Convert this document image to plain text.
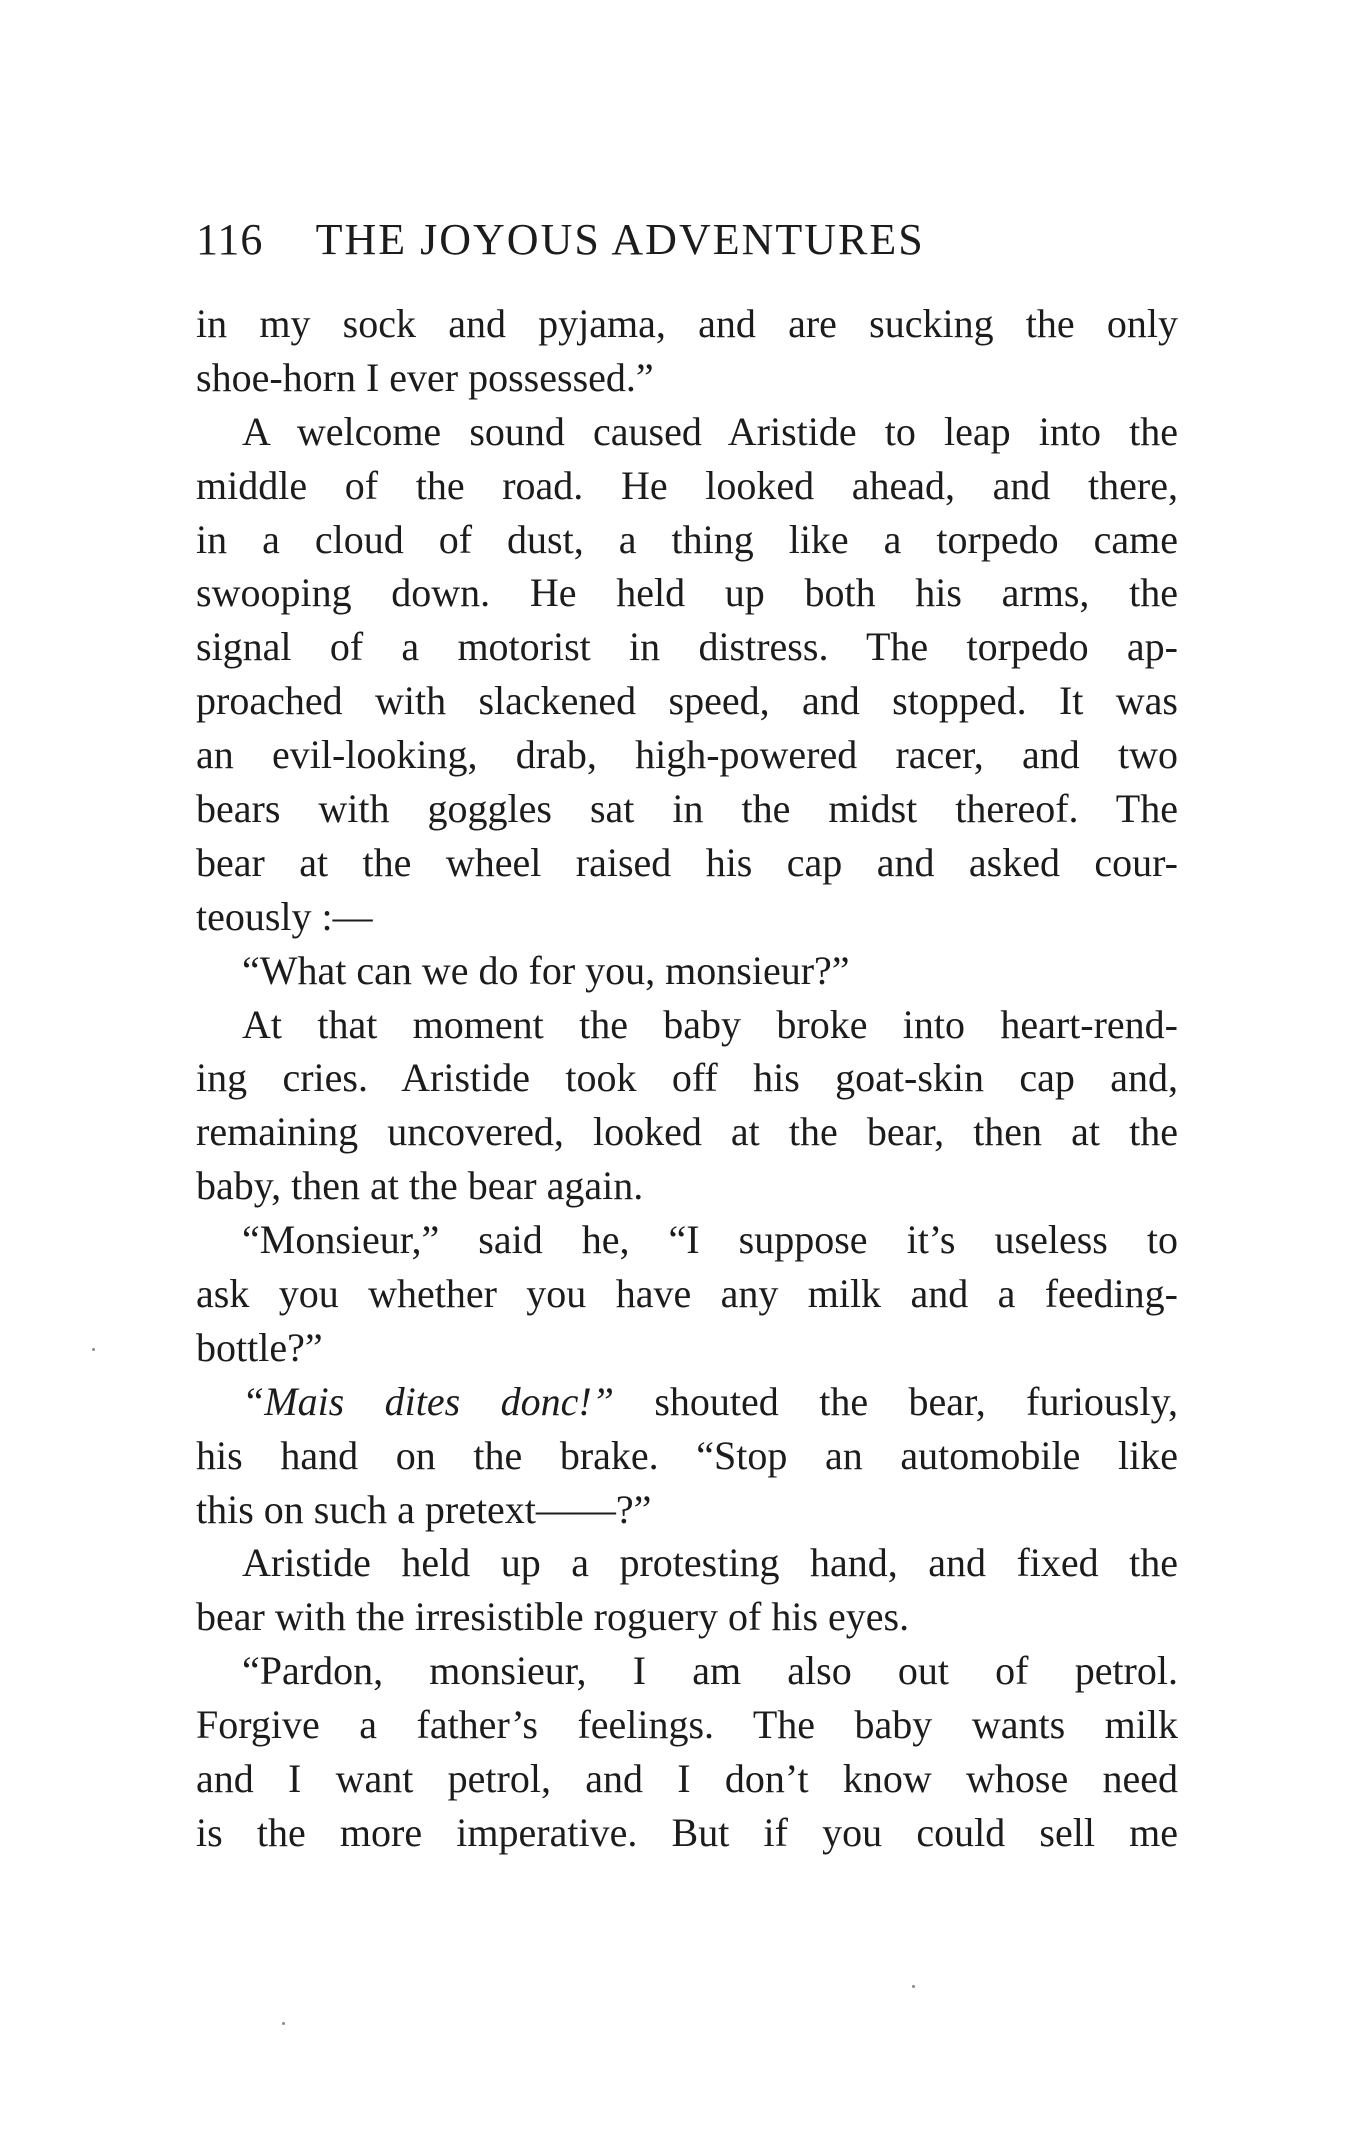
116 THE JOYOUS ADVENTURES
in my sock and pyjama, and are sucking the only
shoe-horn I ever possessed.”
A welcome sound caused Aristide to leap into the
middle of the road. He looked ahead, and there,
in a cloud of dust, a thing like a torpedo came
swooping down. He held up both his arms, the
signal of a motorist in distress. The torpedo ap-
proached with slackened speed, and stopped. It was
an evil-looking, drab, high-powered racer, and two
bears with goggles sat in the midst thereof. The
bear at the wheel raised his cap and asked cour-
teously :—
“What can we do for you, monsieur?”
At that moment the baby broke into heart-rend-
ing cries. Aristide took off his goat-skin cap and,
remaining uncovered, looked at the bear, then at the
baby, then at the bear again.
“Monsieur,” said he, “I suppose it’s useless to
ask you whether you have any milk and a feeding-
bottle?”
“Mais dites donc!” shouted the bear, furiously,
his hand on the brake. “Stop an automobile like
this on such a pretext——?”
Aristide held up a protesting hand, and fixed the
bear with the irresistible roguery of his eyes.
“Pardon, monsieur, I am also out of petrol.
Forgive a father’s feelings. The baby wants milk
and I want petrol, and I don’t know whose need
is the more imperative. But if you could sell me
